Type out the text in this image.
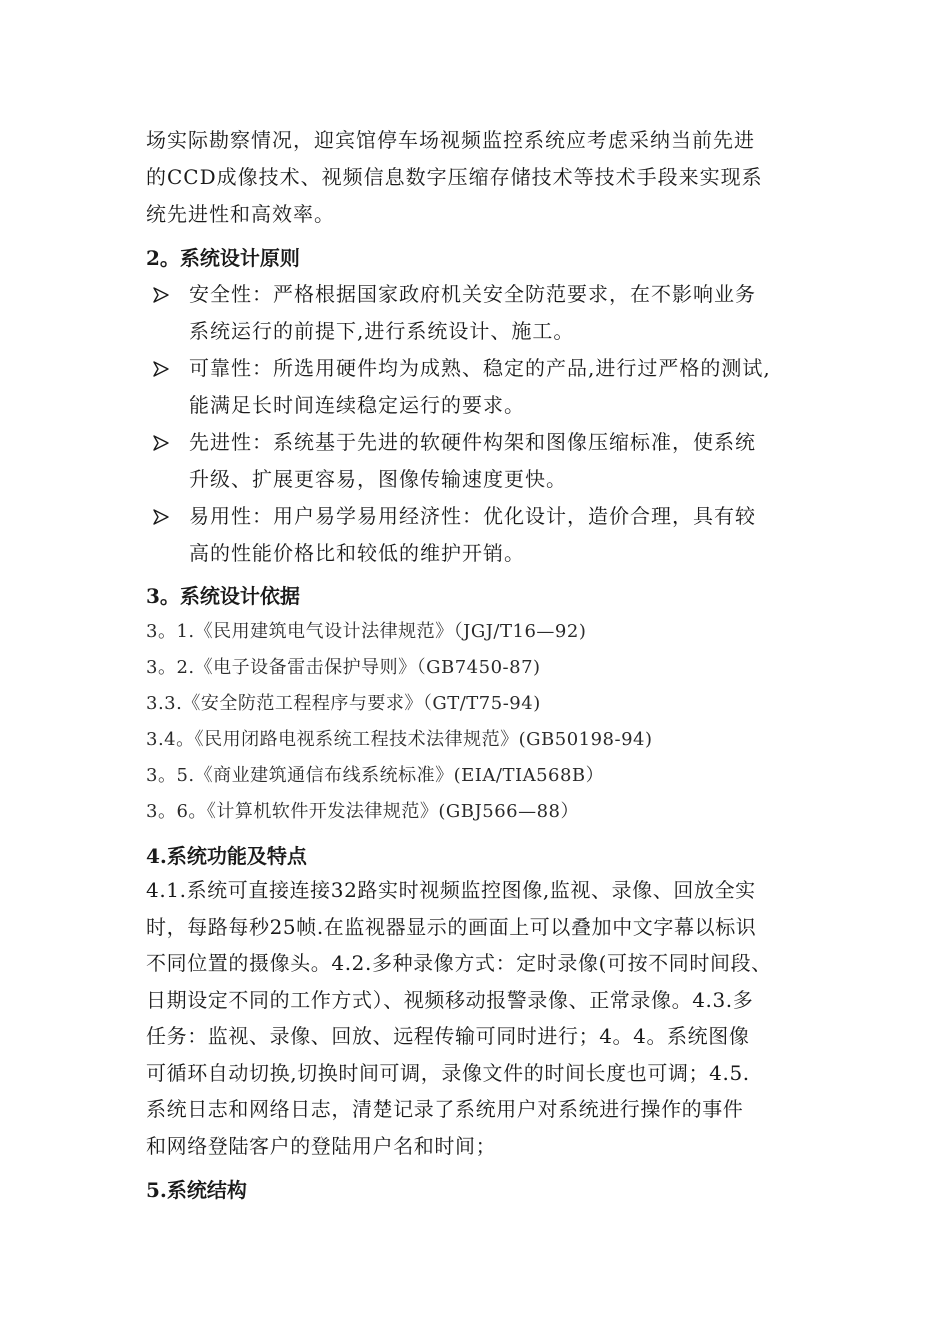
场实际勘察情况，迎宾馆停车场视频监控系统应考虑采纳当前先进
的CCD成像技术、视频信息数字压缩存储技术等技术手段来实现系
统先进性和高效率。
2。系统设计原则
安全性：严格根据国家政府机关安全防范要求，在不影响业务
系统运行的前提下,进行系统设计、施工。
可靠性：所选用硬件均为成熟、稳定的产品,进行过严格的测试,
能满足长时间连续稳定运行的要求。
先进性：系统基于先进的软硬件构架和图像压缩标准，使系统
升级、扩展更容易，图像传输速度更快。
易用性：用户易学易用经济性：优化设计，造价合理，具有较
高的性能价格比和较低的维护开销。
3。系统设计依据
3。1.《民用建筑电气设计法律规范》（JGJ/T16—92)
3。2.《电子设备雷击保护导则》（GB7450-87)
3.3.《安全防范工程程序与要求》（GT/T75-94)
3.4。《民用闭路电视系统工程技术法律规范》(GB50198-94)
3。5.《商业建筑通信布线系统标准》(EIA/TIA568B）
3。6。《计算机软件开发法律规范》(GBJ566—88）
4.系统功能及特点
4.1.系统可直接连接32路实时视频监控图像,监视、录像、回放全实
时，每路每秒25帧.在监视器显示的画面上可以叠加中文字幕以标识
不同位置的摄像头。4.2.多种录像方式：定时录像(可按不同时间段、
日期设定不同的工作方式）、视频移动报警录像、正常录像。4.3.多
任务：监视、录像、回放、远程传输可同时进行；4。4。系统图像
可循环自动切换,切换时间可调，录像文件的时间长度也可调；4.5.
系统日志和网络日志，清楚记录了系统用户对系统进行操作的事件
和网络登陆客户的登陆用户名和时间；
5.系统结构
